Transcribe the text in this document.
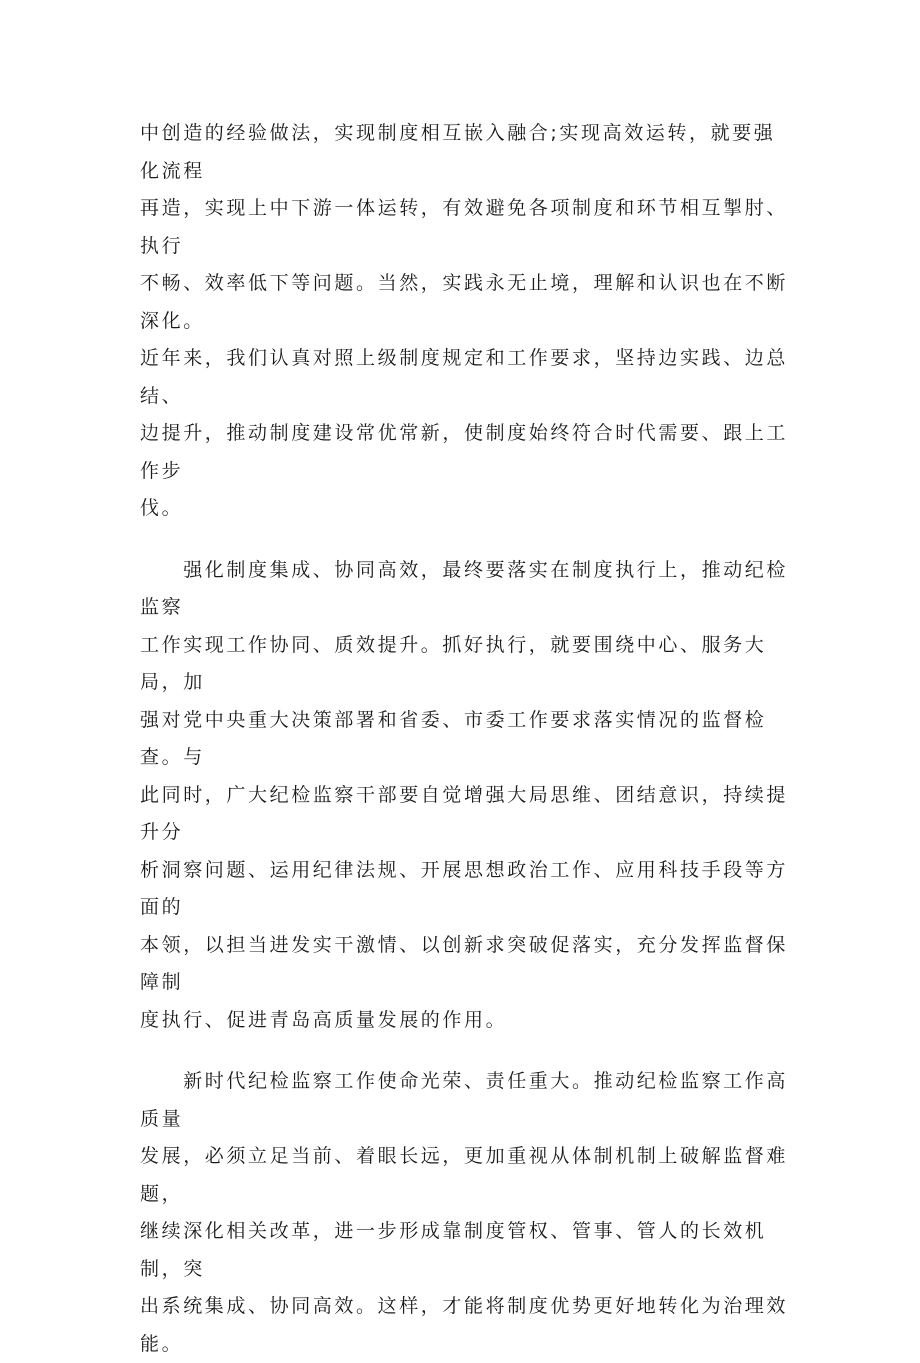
中创造的经验做法，实现制度相互嵌入融合;实现高效运转，就要强化流程
再造，实现上中下游一体运转，有效避免各项制度和环节相互掣肘、执行
不畅、效率低下等问题。当然，实践永无止境，理解和认识也在不断深化。
近年来，我们认真对照上级制度规定和工作要求，坚持边实践、边总结、
边提升，推动制度建设常优常新，使制度始终符合时代需要、跟上工作步
伐。

　　强化制度集成、协同高效，最终要落实在制度执行上，推动纪检监察
工作实现工作协同、质效提升。抓好执行，就要围绕中心、服务大局，加
强对党中央重大决策部署和省委、市委工作要求落实情况的监督检查。与
此同时，广大纪检监察干部要自觉增强大局思维、团结意识，持续提升分
析洞察问题、运用纪律法规、开展思想政治工作、应用科技手段等方面的
本领，以担当进发实干激情、以创新求突破促落实，充分发挥监督保障制
度执行、促进青岛高质量发展的作用。

　　新时代纪检监察工作使命光荣、责任重大。推动纪检监察工作高质量
发展，必须立足当前、着眼长远，更加重视从体制机制上破解监督难题，
继续深化相关改革，进一步形成靠制度管权、管事、管人的长效机制，突
出系统集成、协同高效。这样，才能将制度优势更好地转化为治理效能。
